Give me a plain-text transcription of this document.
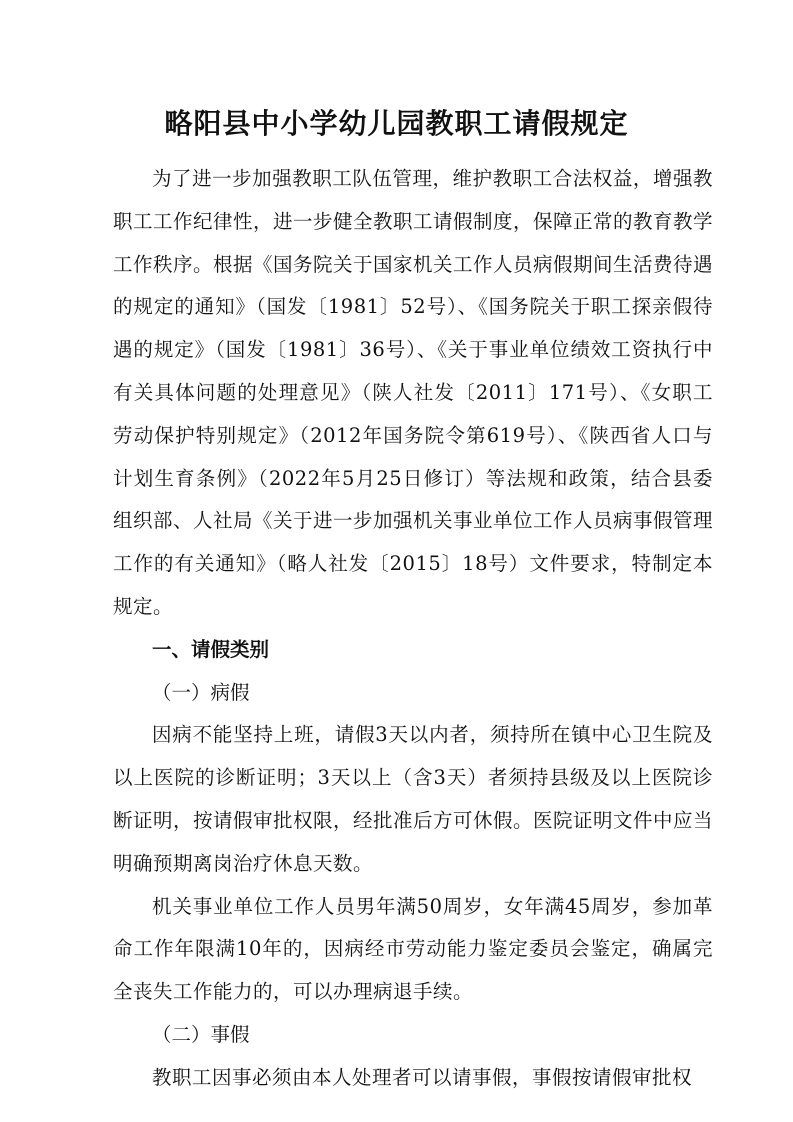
略阳县中小学幼儿园教职工请假规定

为了进一步加强教职工队伍管理，维护教职工合法权益，增强教职工工作纪律性，进一步健全教职工请假制度，保障正常的教育教学工作秩序。根据《国务院关于国家机关工作人员病假期间生活费待遇的规定的通知》（国发〔1981〕52号）、《国务院关于职工探亲假待遇的规定》（国发〔1981〕36号）、《关于事业单位绩效工资执行中有关具体问题的处理意见》（陕人社发〔2011〕171号）、《女职工劳动保护特别规定》（2012年国务院令第619号）、《陕西省人口与计划生育条例》（2022年5月25日修订）等法规和政策，结合县委组织部、人社局《关于进一步加强机关事业单位工作人员病事假管理工作的有关通知》（略人社发〔2015〕18号）文件要求，特制定本规定。

一、请假类别

（一）病假

因病不能坚持上班，请假3天以内者，须持所在镇中心卫生院及以上医院的诊断证明；3天以上（含3天）者须持县级及以上医院诊断证明，按请假审批权限，经批准后方可休假。医院证明文件中应当明确预期离岗治疗休息天数。

机关事业单位工作人员男年满50周岁，女年满45周岁，参加革命工作年限满10年的，因病经市劳动能力鉴定委员会鉴定，确属完全丧失工作能力的，可以办理病退手续。

（二）事假

教职工因事必须由本人处理者可以请事假，事假按请假审批权
